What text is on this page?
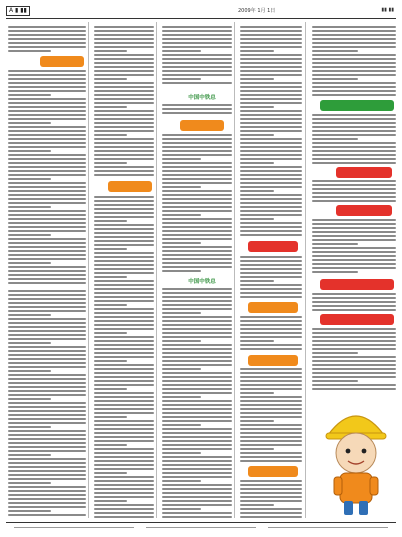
A ▮ ▮▮	2009年 1月 1日	▮▮ ▮▮
中国中铁总
中国中铁总
